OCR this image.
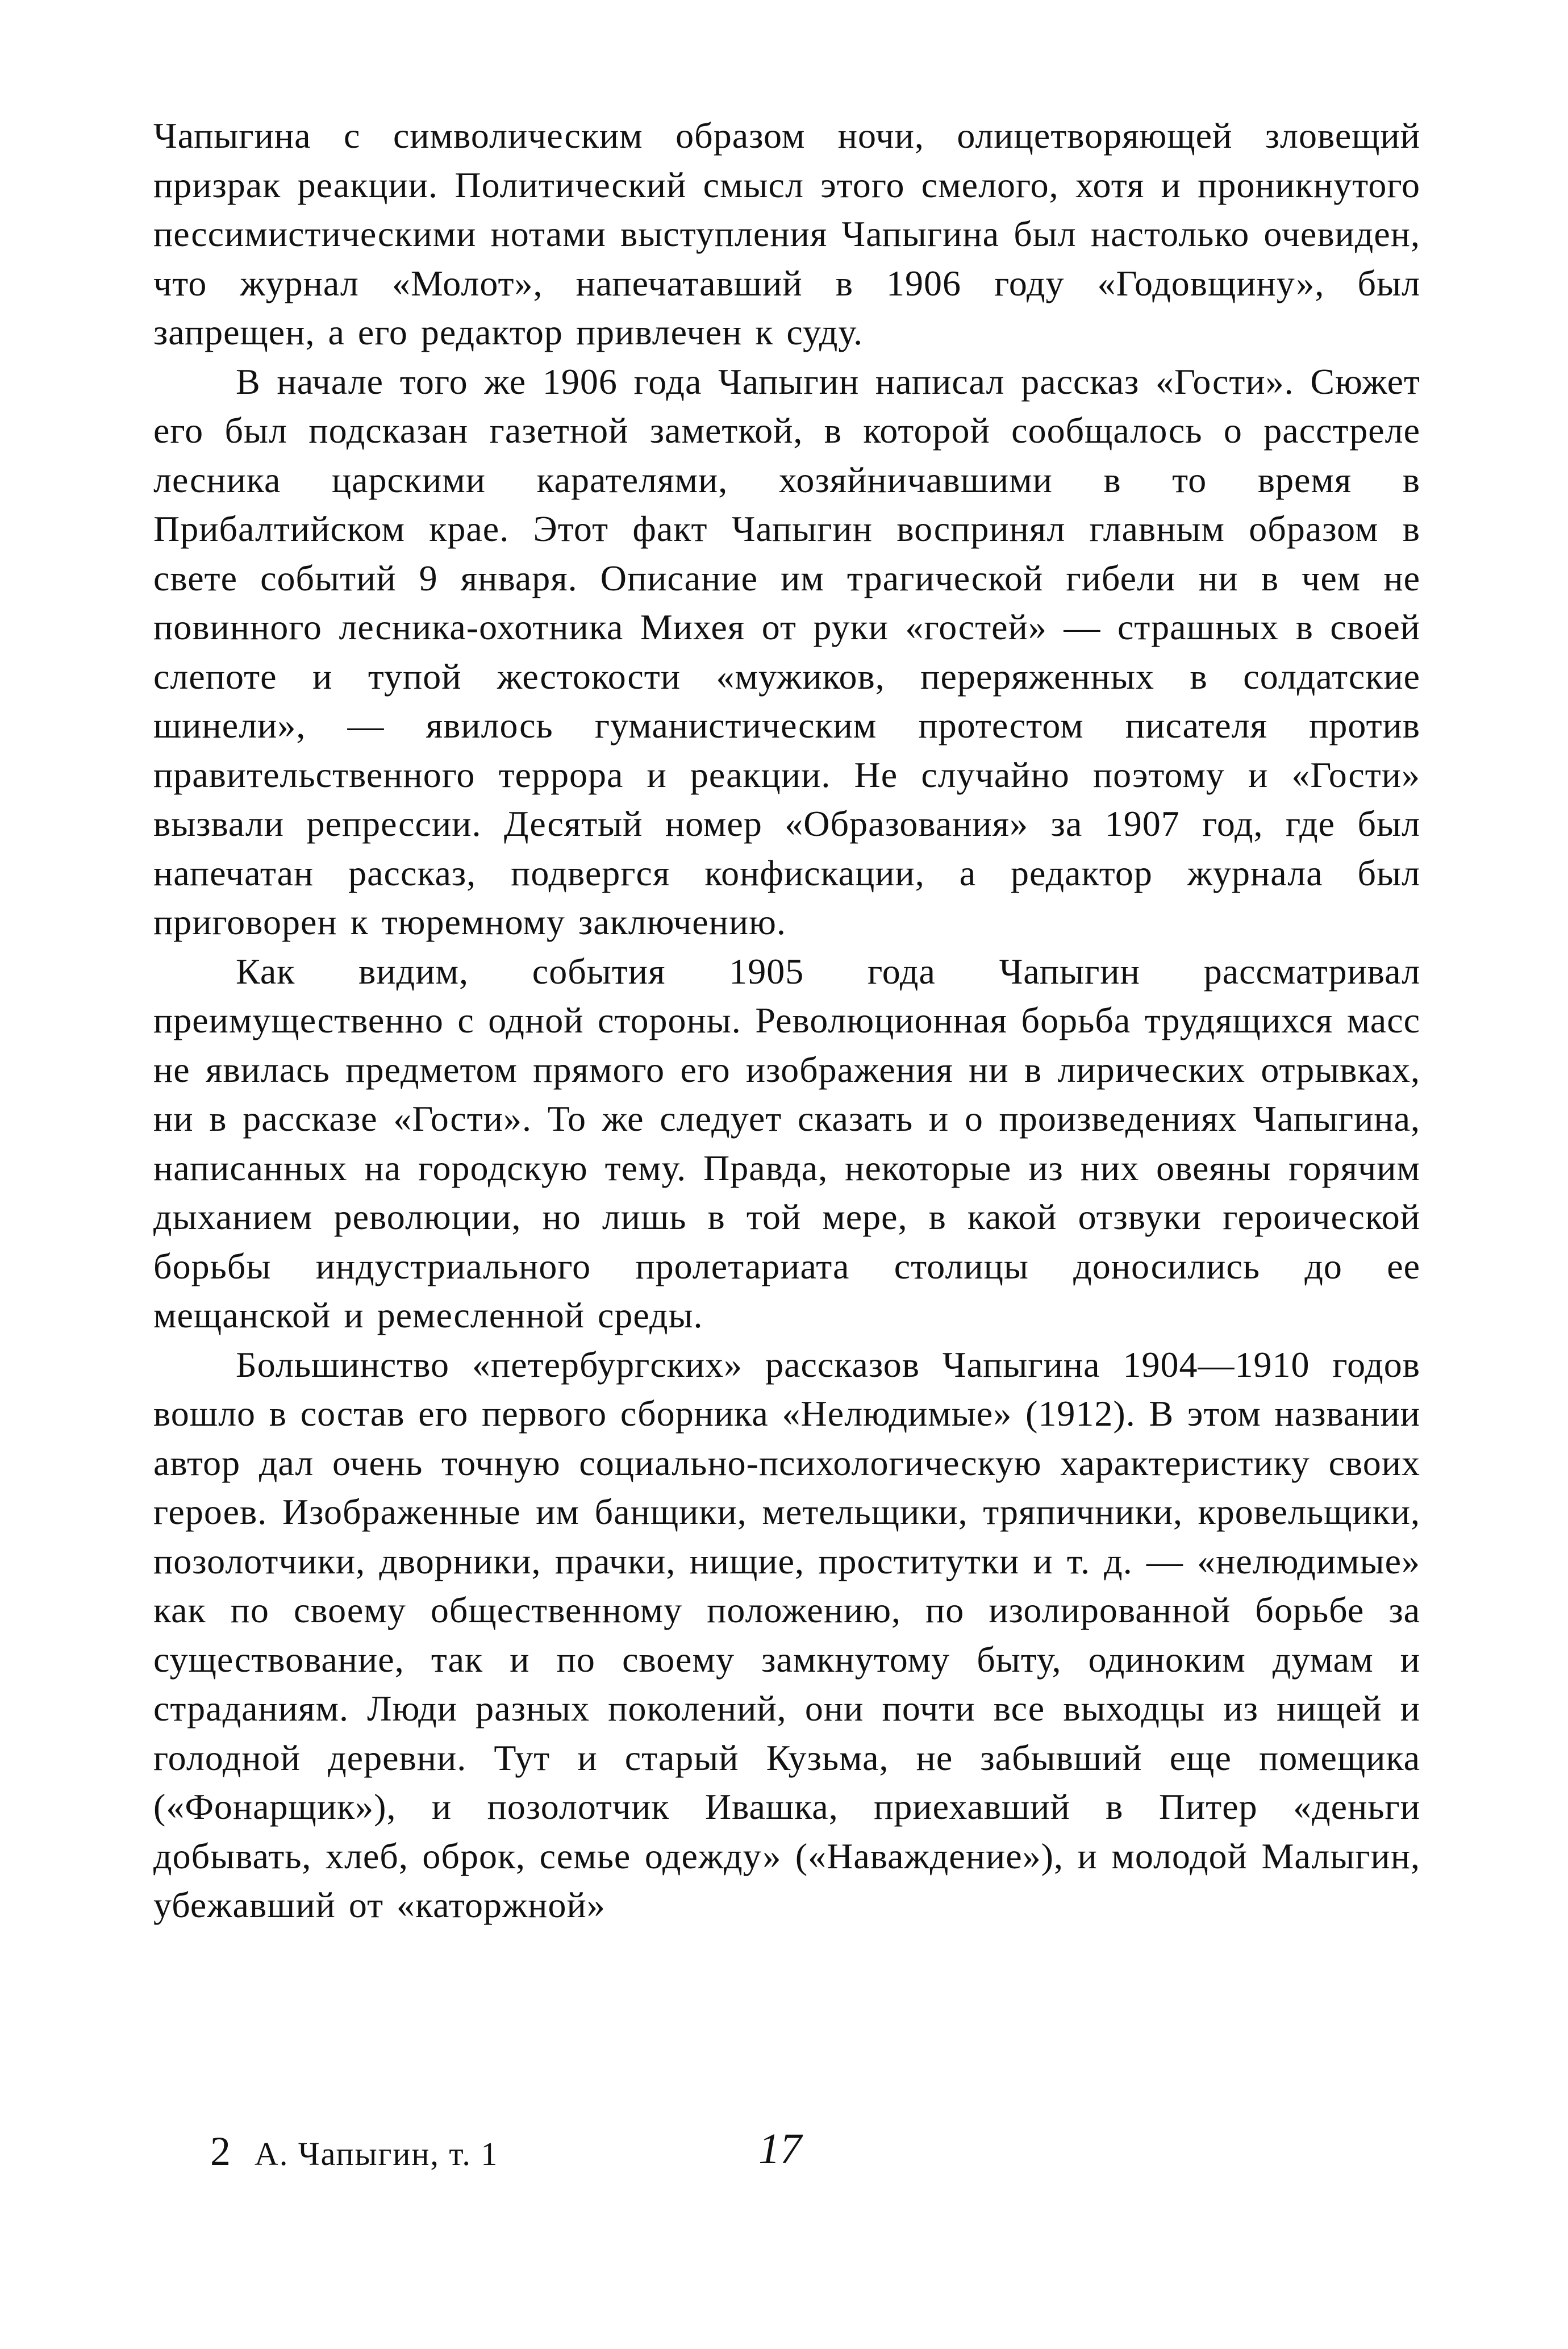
Чапыгина с символическим образом ночи, олицетворяющей зловещий призрак реакции. Политический смысл этого смелого, хотя и проникнутого пессимистическими нотами выступления Чапыгина был настолько очевиден, что журнал «Молот», напечатавший в 1906 году «Годовщину», был запрещен, а его редактор привлечен к суду.

В начале того же 1906 года Чапыгин написал рассказ «Гости». Сюжет его был подсказан газетной заметкой, в которой сообщалось о расстреле лесника царскими карателями, хозяйничавшими в то время в Прибалтийском крае. Этот факт Чапыгин воспринял главным образом в свете событий 9 января. Описание им трагической гибели ни в чем не повинного лесника-охотника Михея от руки «гостей» — страшных в своей слепоте и тупой жестокости «мужиков, переряженных в солдатские шинели», — явилось гуманистическим протестом писателя против правительственного террора и реакции. Не случайно поэтому и «Гости» вызвали репрессии. Десятый номер «Образования» за 1907 год, где был напечатан рассказ, подвергся конфискации, а редактор журнала был приговорен к тюремному заключению.

Как видим, события 1905 года Чапыгин рассматривал преимущественно с одной стороны. Революционная борьба трудящихся масс не явилась предметом прямого его изображения ни в лирических отрывках, ни в рассказе «Гости». То же следует сказать и о произведениях Чапыгина, написанных на городскую тему. Правда, некоторые из них овеяны горячим дыханием революции, но лишь в той мере, в какой отзвуки героической борьбы индустриального пролетариата столицы доносились до ее мещанской и ремесленной среды.

Большинство «петербургских» рассказов Чапыгина 1904—1910 годов вошло в состав его первого сборника «Нелюдимые» (1912). В этом названии автор дал очень точную социально-психологическую характеристику своих героев. Изображенные им банщики, метельщики, тряпичники, кровельщики, позолотчики, дворники, прачки, нищие, проститутки и т. д. — «нелюдимые» как по своему общественному положению, по изолированной борьбе за существование, так и по своему замкнутому быту, одиноким думам и страданиям. Люди разных поколений, они почти все выходцы из нищей и голодной деревни. Тут и старый Кузьма, не забывший еще помещика («Фонарщик»), и позолотчик Ивашка, приехавший в Питер «деньги добывать, хлеб, оброк, семье одежду» («Наваждение»), и молодой Малыгин, убежавший от «каторжной»

2 А. Чапыгин, т. 1	17
